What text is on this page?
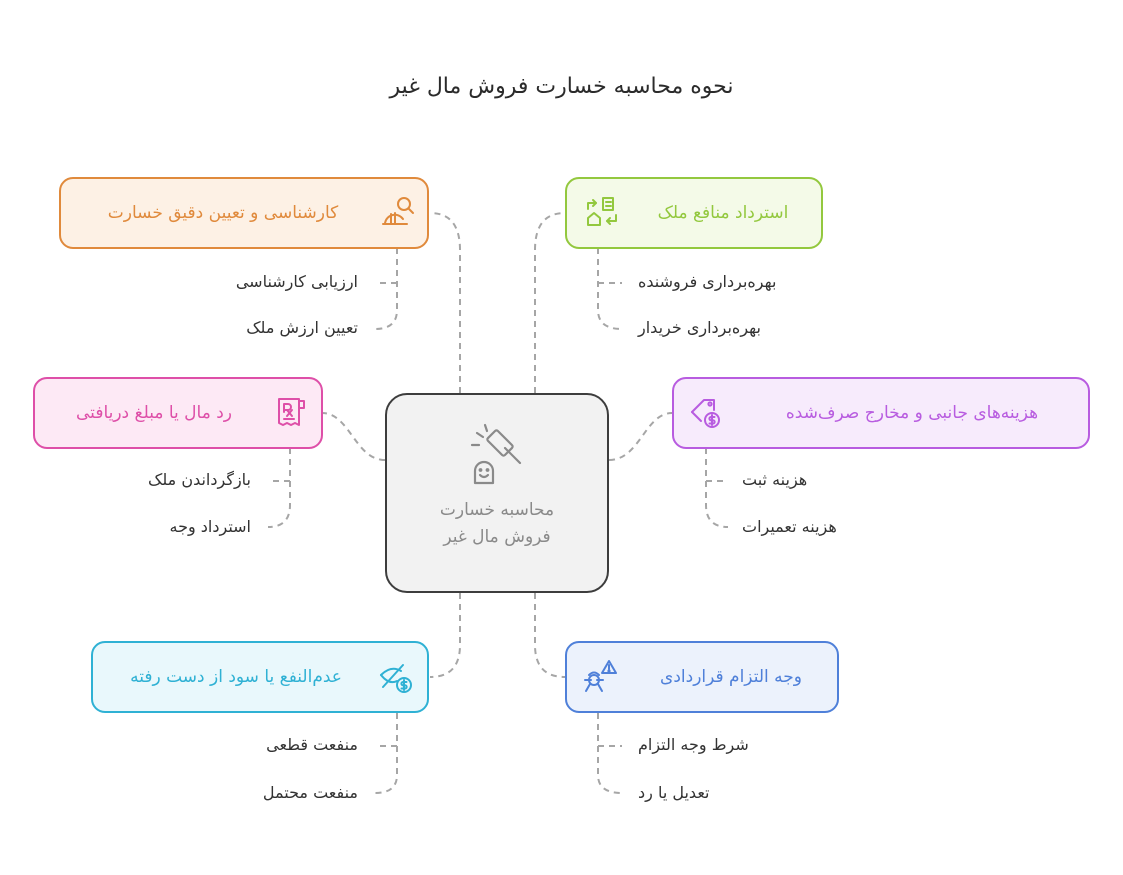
نحوه محاسبه خسارت فروش مال غیر
محاسبه خسارت
فروش مال غیر
کارشناسی و تعیین دقیق خسارت
ارزیابی کارشناسی
تعیین ارزش ملک
رد مال یا مبلغ دریافتی
بازگرداندن ملک
استرداد وجه
عدم‌النفع یا سود از دست رفته
منفعت قطعی
منفعت محتمل
استرداد منافع ملک
بهره‌برداری فروشنده
بهره‌برداری خریدار
هزینه‌های جانبی و مخارج صرف‌شده
هزینه ثبت
هزینه تعمیرات
وجه التزام قراردادی
شرط وجه التزام
تعدیل یا رد
